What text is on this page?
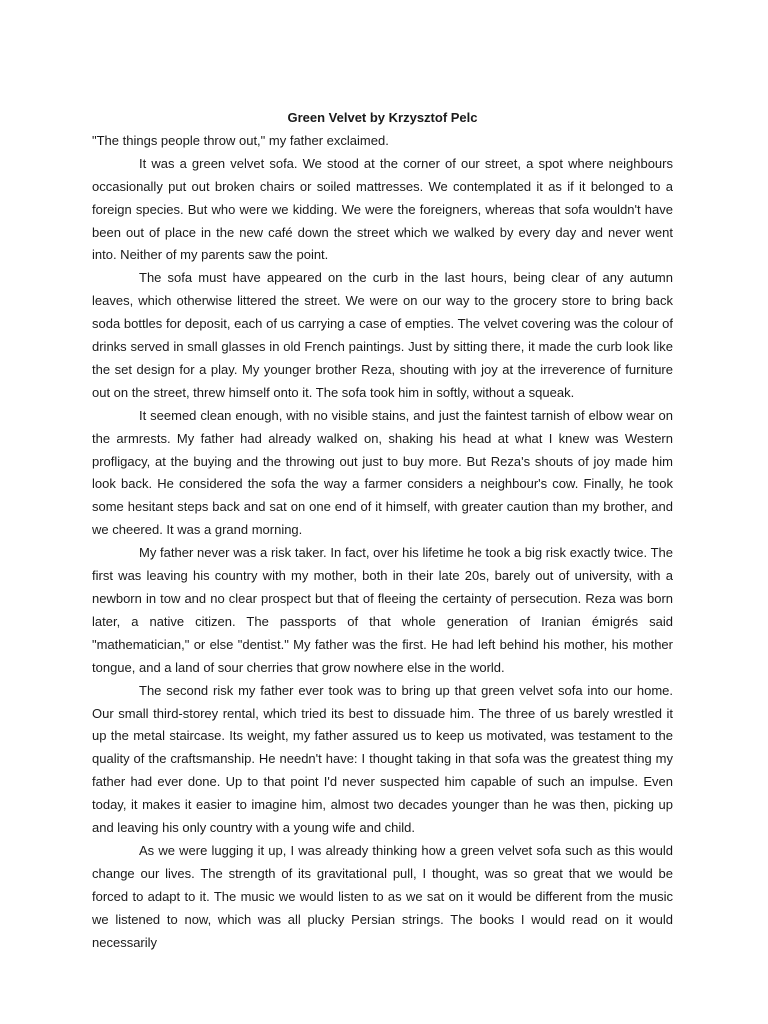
Green Velvet by Krzysztof Pelc

"The things people throw out," my father exclaimed.

It was a green velvet sofa. We stood at the corner of our street, a spot where neighbours occasionally put out broken chairs or soiled mattresses. We contemplated it as if it belonged to a foreign species. But who were we kidding. We were the foreigners, whereas that sofa wouldn't have been out of place in the new café down the street which we walked by every day and never went into. Neither of my parents saw the point.

The sofa must have appeared on the curb in the last hours, being clear of any autumn leaves, which otherwise littered the street. We were on our way to the grocery store to bring back soda bottles for deposit, each of us carrying a case of empties. The velvet covering was the colour of drinks served in small glasses in old French paintings. Just by sitting there, it made the curb look like the set design for a play. My younger brother Reza, shouting with joy at the irreverence of furniture out on the street, threw himself onto it. The sofa took him in softly, without a squeak.

It seemed clean enough, with no visible stains, and just the faintest tarnish of elbow wear on the armrests. My father had already walked on, shaking his head at what I knew was Western profligacy, at the buying and the throwing out just to buy more. But Reza's shouts of joy made him look back. He considered the sofa the way a farmer considers a neighbour's cow. Finally, he took some hesitant steps back and sat on one end of it himself, with greater caution than my brother, and we cheered. It was a grand morning.

My father never was a risk taker. In fact, over his lifetime he took a big risk exactly twice. The first was leaving his country with my mother, both in their late 20s, barely out of university, with a newborn in tow and no clear prospect but that of fleeing the certainty of persecution. Reza was born later, a native citizen. The passports of that whole generation of Iranian émigrés said "mathematician," or else "dentist." My father was the first. He had left behind his mother, his mother tongue, and a land of sour cherries that grow nowhere else in the world.

The second risk my father ever took was to bring up that green velvet sofa into our home. Our small third-storey rental, which tried its best to dissuade him. The three of us barely wrestled it up the metal staircase. Its weight, my father assured us to keep us motivated, was testament to the quality of the craftsmanship. He needn't have: I thought taking in that sofa was the greatest thing my father had ever done. Up to that point I'd never suspected him capable of such an impulse. Even today, it makes it easier to imagine him, almost two decades younger than he was then, picking up and leaving his only country with a young wife and child.

As we were lugging it up, I was already thinking how a green velvet sofa such as this would change our lives. The strength of its gravitational pull, I thought, was so great that we would be forced to adapt to it. The music we would listen to as we sat on it would be different from the music we listened to now, which was all plucky Persian strings. The books I would read on it would necessarily
